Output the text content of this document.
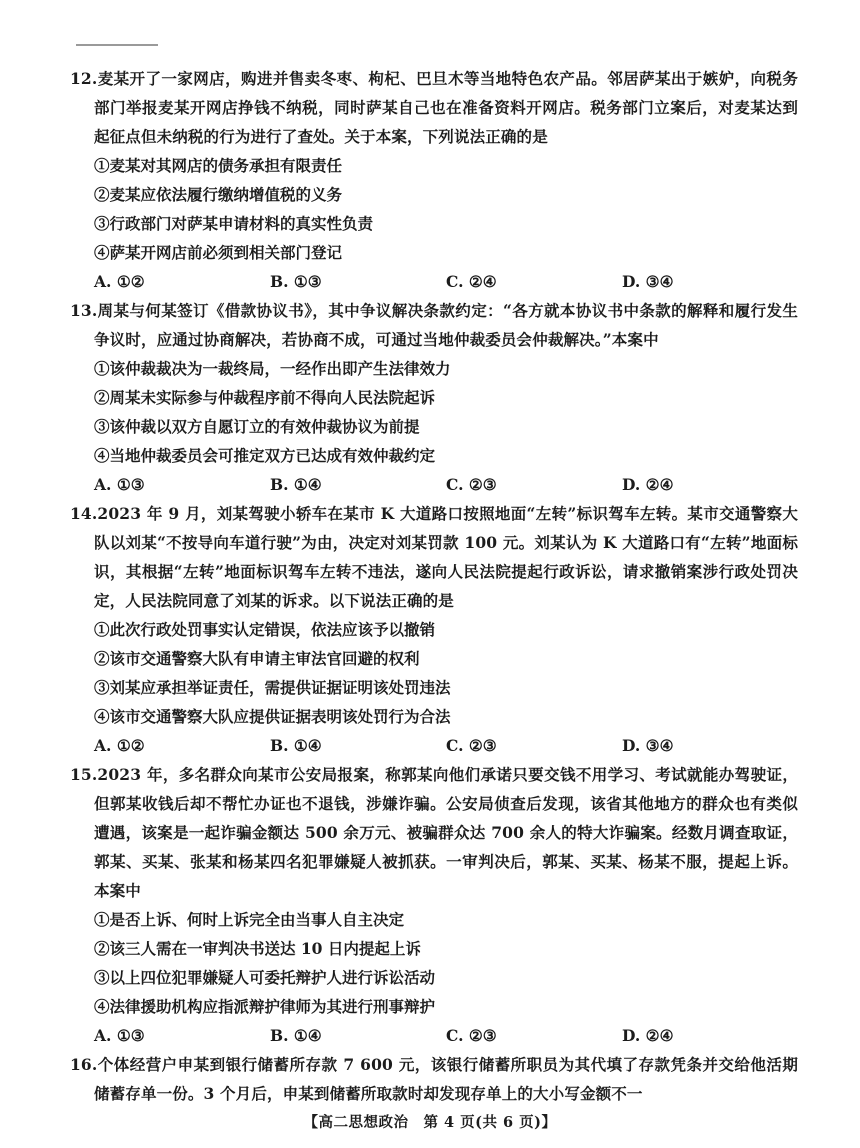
12.麦某开了一家网店，购进并售卖冬枣、枸杞、巴旦木等当地特色农产品。邻居萨某出于嫉妒，向税务部门举报麦某开网店挣钱不纳税，同时萨某自己也在准备资料开网店。税务部门立案后，对麦某达到起征点但未纳税的行为进行了查处。关于本案，下列说法正确的是
①麦某对其网店的债务承担有限责任
②麦某应依法履行缴纳增值税的义务
③行政部门对萨某申请材料的真实性负责
④萨某开网店前必须到相关部门登记
A. ①②	B. ①③	C. ②④	D. ③④
13.周某与何某签订《借款协议书》，其中争议解决条款约定：“各方就本协议书中条款的解释和履行发生争议时，应通过协商解决，若协商不成，可通过当地仲裁委员会仲裁解决。”本案中
①该仲裁裁决为一裁终局，一经作出即产生法律效力
②周某未实际参与仲裁程序前不得向人民法院起诉
③该仲裁以双方自愿订立的有效仲裁协议为前提
④当地仲裁委员会可推定双方已达成有效仲裁约定
A. ①③	B. ①④	C. ②③	D. ②④
14.2023 年 9 月，刘某驾驶小轿车在某市 K 大道路口按照地面“左转”标识驾车左转。某市交通警察大队以刘某“不按导向车道行驶”为由，决定对刘某罚款 100 元。刘某认为 K 大道路口有“左转”地面标识，其根据“左转”地面标识驾车左转不违法，遂向人民法院提起行政诉讼，请求撤销案涉行政处罚决定，人民法院同意了刘某的诉求。以下说法正确的是
①此次行政处罚事实认定错误，依法应该予以撤销
②该市交通警察大队有申请主审法官回避的权利
③刘某应承担举证责任，需提供证据证明该处罚违法
④该市交通警察大队应提供证据表明该处罚行为合法
A. ①②	B. ①④	C. ②③	D. ③④
15.2023 年，多名群众向某市公安局报案，称郭某向他们承诺只要交钱不用学习、考试就能办驾驶证，但郭某收钱后却不帮忙办证也不退钱，涉嫌诈骗。公安局侦查后发现，该省其他地方的群众也有类似遭遇，该案是一起诈骗金额达 500 余万元、被骗群众达 700 余人的特大诈骗案。经数月调查取证，郭某、买某、张某和杨某四名犯罪嫌疑人被抓获。一审判决后，郭某、买某、杨某不服，提起上诉。本案中
①是否上诉、何时上诉完全由当事人自主决定
②该三人需在一审判决书送达 10 日内提起上诉
③以上四位犯罪嫌疑人可委托辩护人进行诉讼活动
④法律援助机构应指派辩护律师为其进行刑事辩护
A. ①③	B. ①④	C. ②③	D. ②④
16.个体经营户申某到银行储蓄所存款 7 600 元，该银行储蓄所职员为其代填了存款凭条并交给他活期储蓄存单一份。3 个月后，申某到储蓄所取款时却发现存单上的大小写金额不一
【高二思想政治　第 4 页(共 6 页)】
